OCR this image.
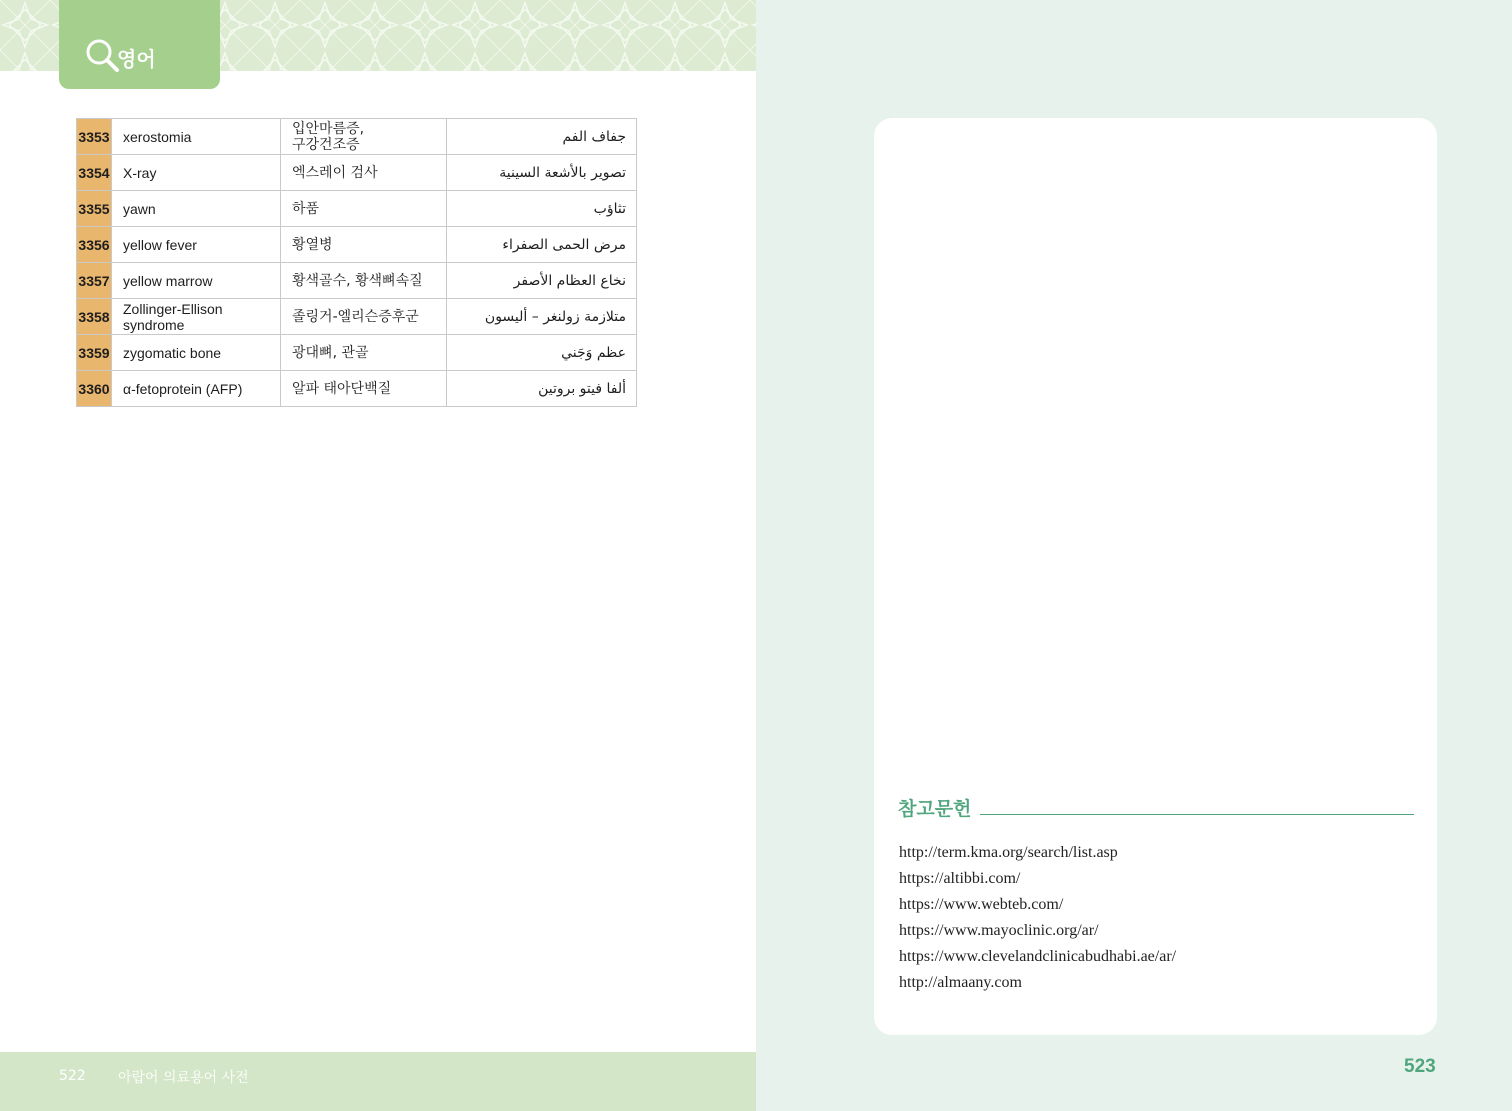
영어
3353	xerostomia	입안마름증,
구강건조증	جفاف الفم
3354	X-ray	엑스레이 검사	تصوير بالأشعة السينية
3355	yawn	하품	تثاؤب
3356	yellow fever	황열병	مرض الحمى الصفراء
3357	yellow marrow	황색골수, 황색뼈속질	نخاع العظام الأصفر
3358	Zollinger-Ellison
syndrome	졸링거-엘리슨증후군	متلازمة زولنغر – أليسون
3359	zygomatic bone	광대뼈, 관골	عظم وَجَني
3360	α-fetoprotein (AFP)	알파 태아단백질	ألفا فيتو بروتين
522 아랍어 의료용어 사전
참고문헌
http://term.kma.org/search/list.asp
https://altibbi.com/
https://www.webteb.com/
https://www.mayoclinic.org/ar/
https://www.clevelandclinicabudhabi.ae/ar/
http://almaany.com
523
